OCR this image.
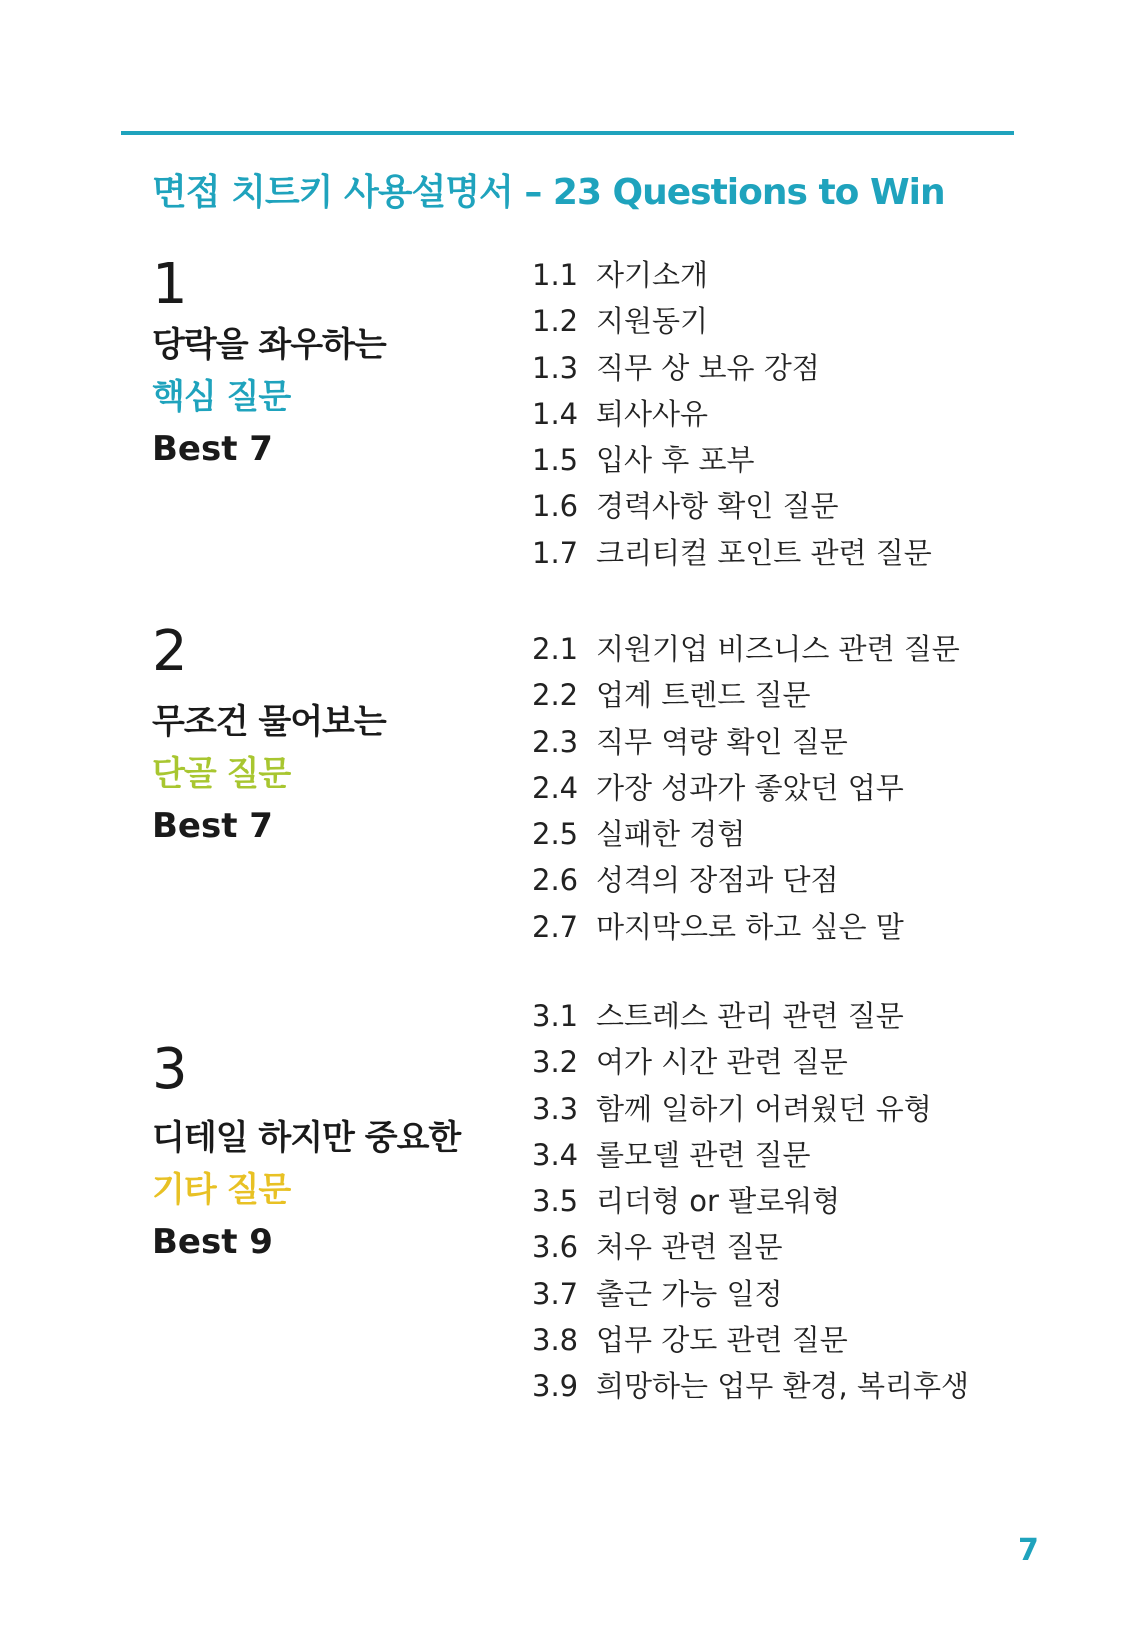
면접 치트키 사용설명서 – 23 Questions to Win
1
당락을 좌우하는
핵심 질문
Best 7
1.1 자기소개
1.2 지원동기
1.3 직무 상 보유 강점
1.4 퇴사사유
1.5 입사 후 포부
1.6 경력사항 확인 질문
1.7 크리티컬 포인트 관련 질문
2
무조건 물어보는
단골 질문
Best 7
2.1 지원기업 비즈니스 관련 질문
2.2 업계 트렌드 질문
2.3 직무 역량 확인 질문
2.4 가장 성과가 좋았던 업무
2.5 실패한 경험
2.6 성격의 장점과 단점
2.7 마지막으로 하고 싶은 말
3
디테일 하지만 중요한
기타 질문
Best 9
3.1 스트레스 관리 관련 질문
3.2 여가 시간 관련 질문
3.3 함께 일하기 어려웠던 유형
3.4 롤모델 관련 질문
3.5 리더형 or 팔로워형
3.6 처우 관련 질문
3.7 출근 가능 일정
3.8 업무 강도 관련 질문
3.9 희망하는 업무 환경, 복리후생
7
